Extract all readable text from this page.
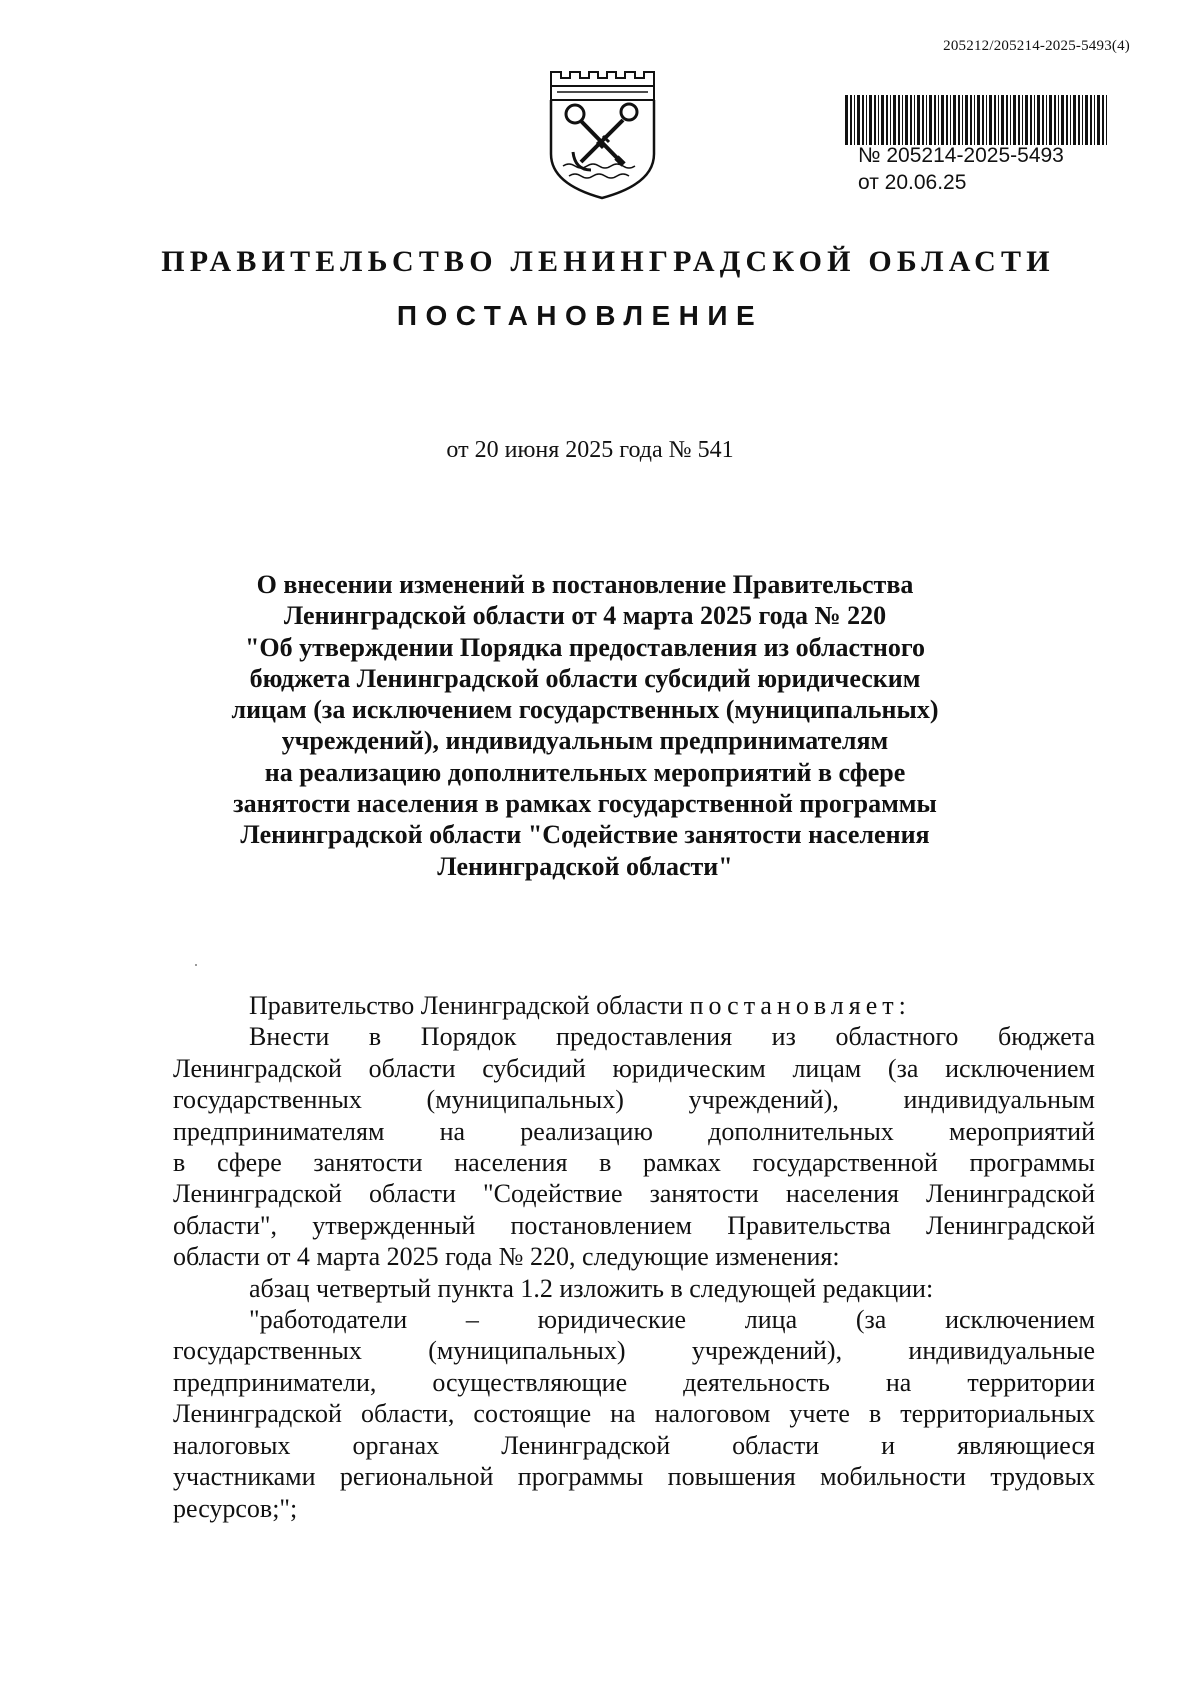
205212/205214-2025-5493(4)
№ 205214-2025-5493
от 20.06.25
ПРАВИТЕЛЬСТВО ЛЕНИНГРАДСКОЙ ОБЛАСТИ
ПОСТАНОВЛЕНИЕ
от 20 июня 2025 года № 541
О внесении изменений в постановление Правительства
Ленинградской области от 4 марта 2025 года № 220
"Об утверждении Порядка предоставления из областного
бюджета Ленинградской области субсидий юридическим
лицам (за исключением государственных (муниципальных)
учреждений), индивидуальным предпринимателям
на реализацию дополнительных мероприятий в сфере
занятости населения в рамках государственной программы
Ленинградской области "Содействие занятости населения
Ленинградской области"
Правительство Ленинградской области постановляет:
Внести в Порядок предоставления из областного бюджета
Ленинградской области субсидий юридическим лицам (за исключением
государственных (муниципальных) учреждений), индивидуальным
предпринимателям на реализацию дополнительных мероприятий
в сфере занятости населения в рамках государственной программы
Ленинградской области "Содействие занятости населения Ленинградской
области", утвержденный постановлением Правительства Ленинградской
области от 4 марта 2025 года № 220, следующие изменения:
абзац четвертый пункта 1.2 изложить в следующей редакции:
"работодатели – юридические лица (за исключением
государственных (муниципальных) учреждений), индивидуальные
предприниматели, осуществляющие деятельность на территории
Ленинградской области, состоящие на налоговом учете в территориальных
налоговых органах Ленинградской области и являющиеся
участниками региональной программы повышения мобильности трудовых
ресурсов;";
